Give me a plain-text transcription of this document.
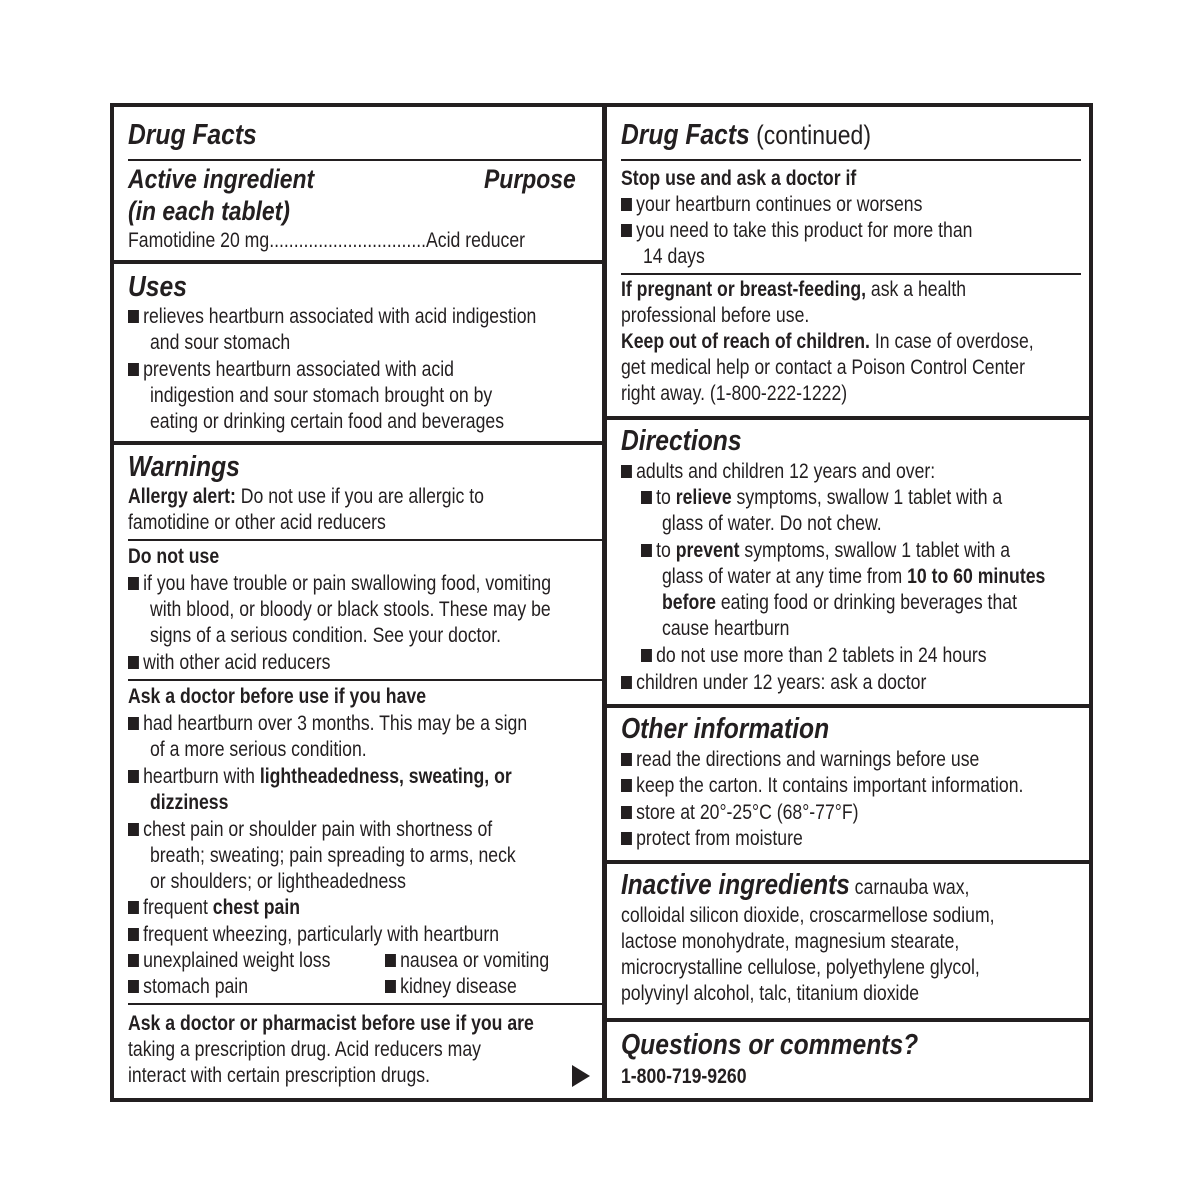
Drug Facts
Active ingredient
(in each tablet)
Purpose
Famotidine 20 mg................................Acid reducer
Uses
relieves heartburn associated with acid indigestion
and sour stomach
prevents heartburn associated with acid
indigestion and sour stomach brought on by
eating or drinking certain food and beverages
Warnings
Allergy alert: Do not use if you are allergic to
famotidine or other acid reducers
Do not use
if you have trouble or pain swallowing food, vomiting
with blood, or bloody or black stools. These may be
signs of a serious condition. See your doctor.
with other acid reducers
Ask a doctor before use if you have
had heartburn over 3 months. This may be a sign
of a more serious condition.
heartburn with lightheadedness, sweating, or
dizziness
chest pain or shoulder pain with shortness of
breath; sweating; pain spreading to arms, neck
or shoulders; or lightheadedness
frequent chest pain
frequent wheezing, particularly with heartburn
unexplained weight loss	nausea or vomiting
stomach pain	kidney disease
Ask a doctor or pharmacist before use if you are
taking a prescription drug. Acid reducers may
interact with certain prescription drugs.
Drug Facts (continued)
Stop use and ask a doctor if
your heartburn continues or worsens
you need to take this product for more than
14 days
If pregnant or breast-feeding, ask a health
professional before use.
Keep out of reach of children. In case of overdose,
get medical help or contact a Poison Control Center
right away. (1-800-222-1222)
Directions
adults and children 12 years and over:
to relieve symptoms, swallow 1 tablet with a
glass of water. Do not chew.
to prevent symptoms, swallow 1 tablet with a
glass of water at any time from 10 to 60 minutes
before eating food or drinking beverages that
cause heartburn
do not use more than 2 tablets in 24 hours
children under 12 years: ask a doctor
Other information
read the directions and warnings before use
keep the carton. It contains important information.
store at 20°-25°C (68°-77°F)
protect from moisture
Inactive ingredients carnauba wax,
colloidal silicon dioxide, croscarmellose sodium,
lactose monohydrate, magnesium stearate,
microcrystalline cellulose, polyethylene glycol,
polyvinyl alcohol, talc, titanium dioxide
Questions or comments?
1-800-719-9260
